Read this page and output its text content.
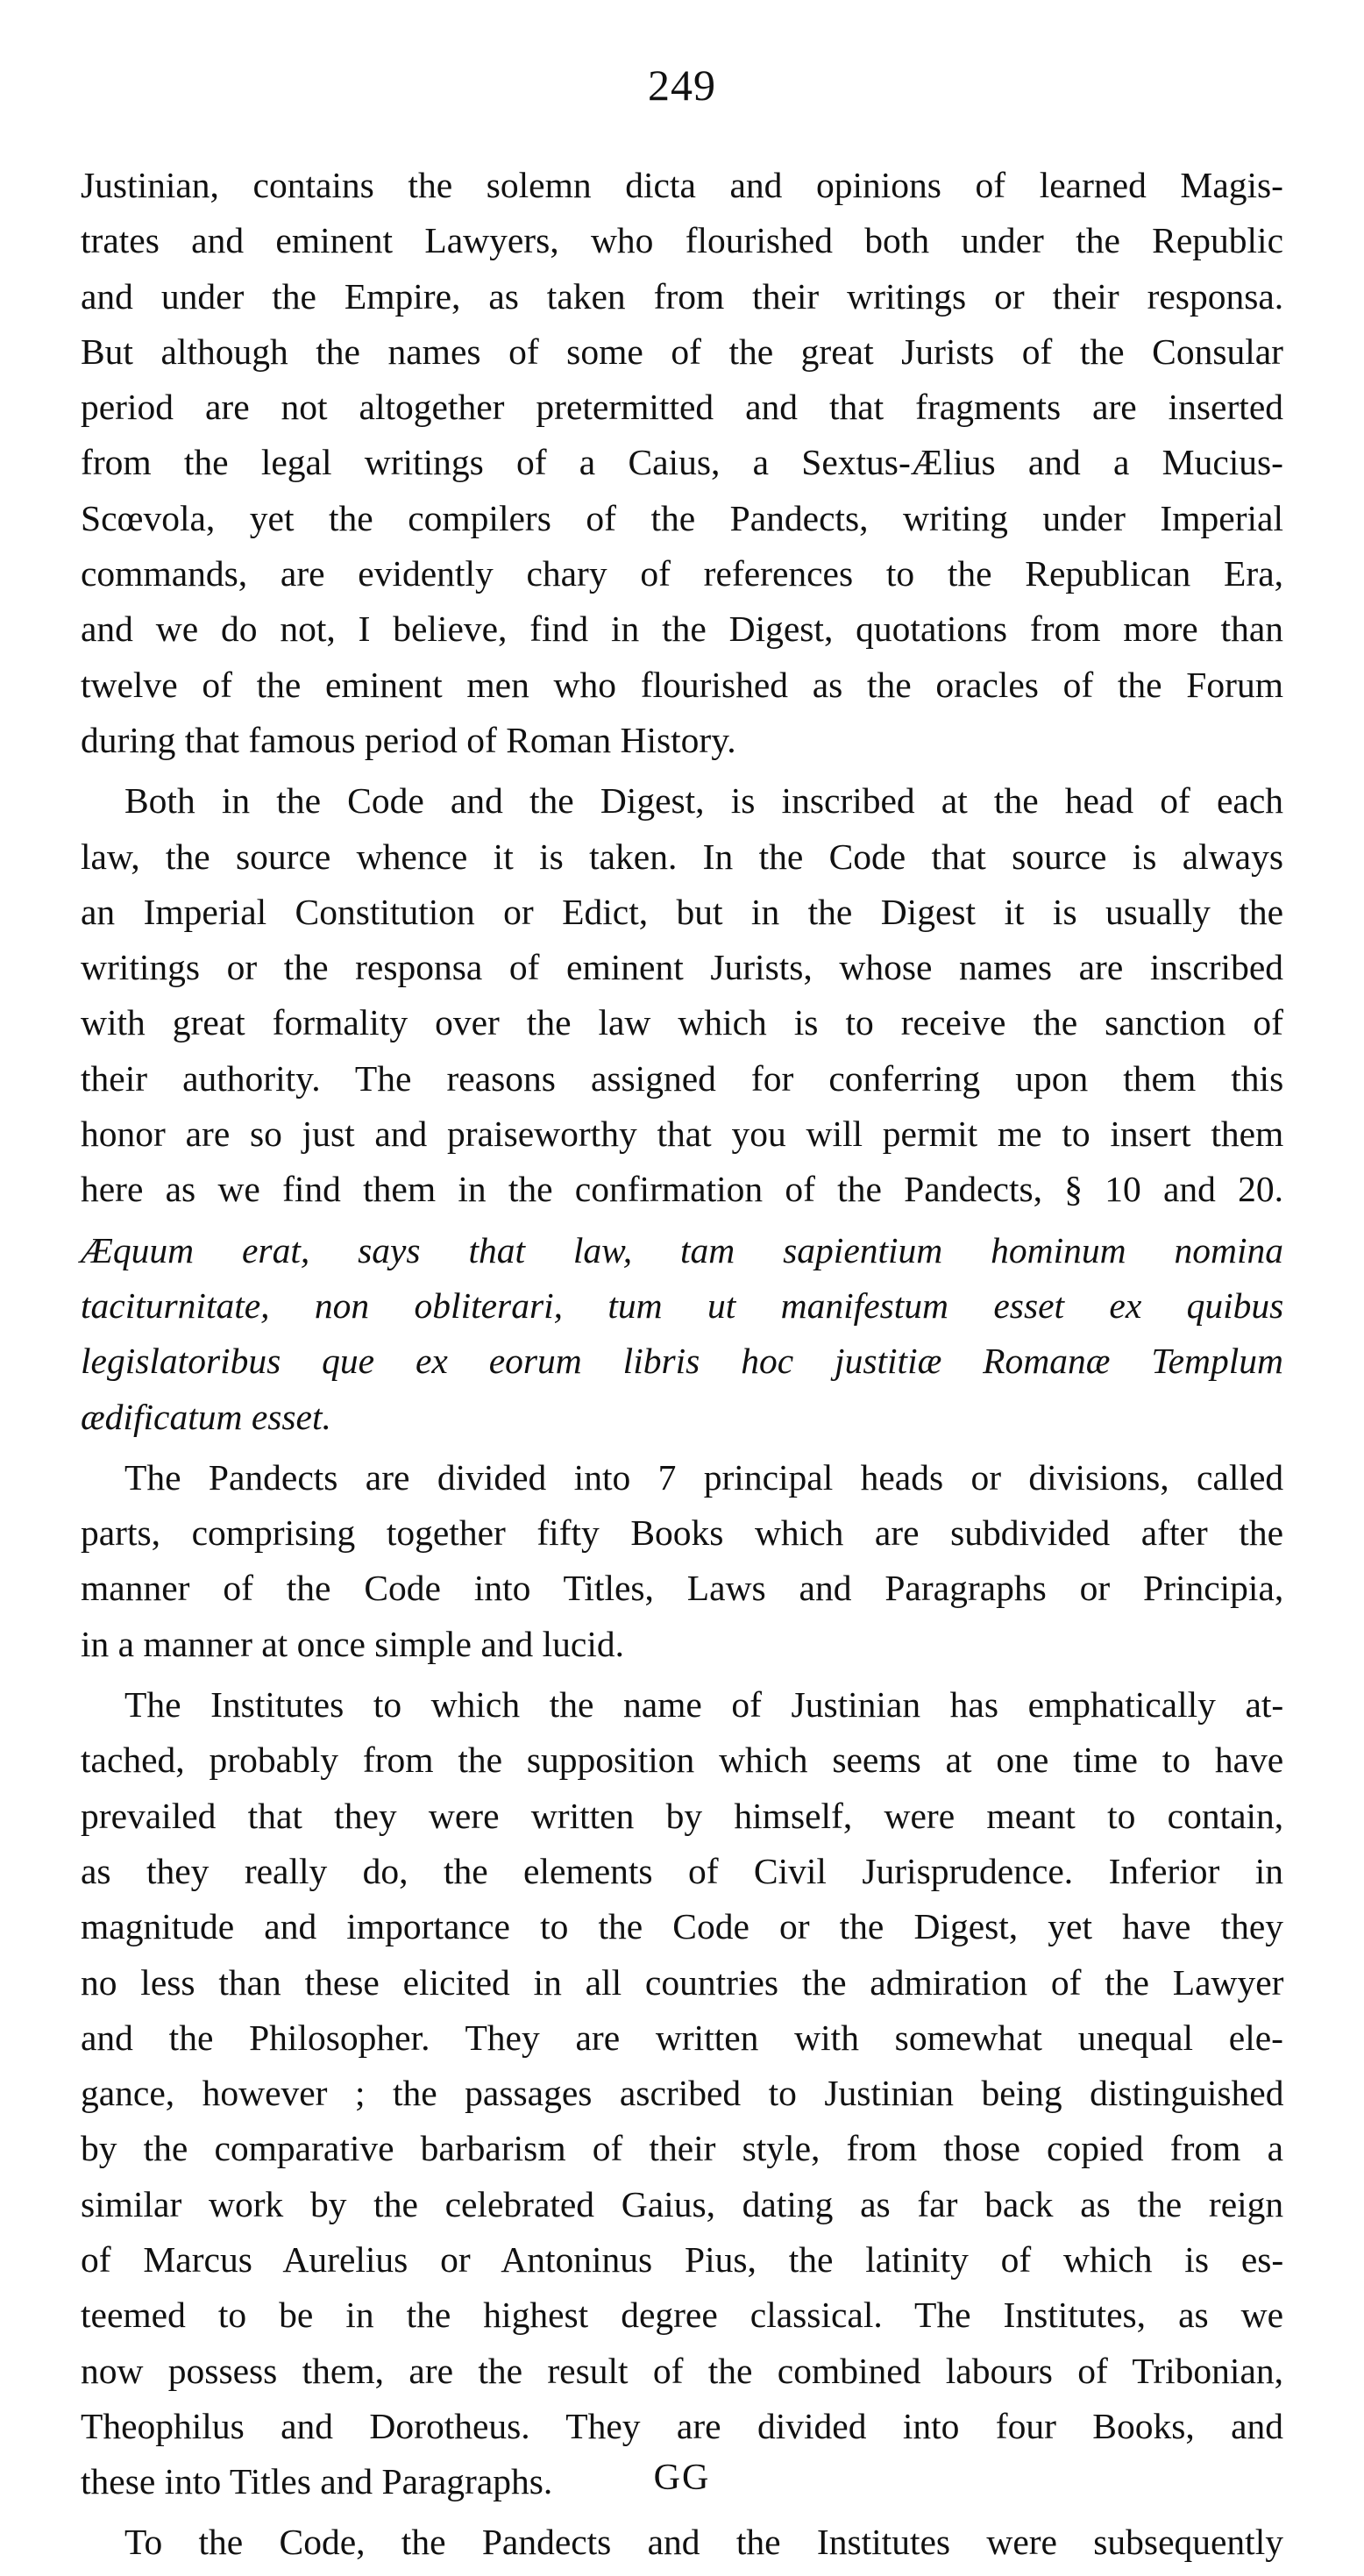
249
Justinian, contains the solemn dicta and opinions of learned Magis-
trates and eminent Lawyers, who flourished both under the Republic
and under the Empire, as taken from their writings or their responsa.
But although the names of some of the great Jurists of the Consular
period are not altogether pretermitted and that fragments are inserted
from the legal writings of a Caius, a Sextus-Ælius and a Mucius-
Scœvola, yet the compilers of the Pandects, writing under Imperial
commands, are evidently chary of references to the Republican Era,
and we do not, I believe, find in the Digest, quotations from more than
twelve of the eminent men who flourished as the oracles of the Forum
during that famous period of Roman History.
Both in the Code and the Digest, is inscribed at the head of each
law, the source whence it is taken. In the Code that source is always
an Imperial Constitution or Edict, but in the Digest it is usually the
writings or the responsa of eminent Jurists, whose names are inscribed
with great formality over the law which is to receive the sanction of
their authority. The reasons assigned for conferring upon them this
honor are so just and praiseworthy that you will permit me to insert them
here as we find them in the confirmation of the Pandects, § 10 and 20.
Æquum erat, says that law, tam sapientium hominum nomina
taciturnitate, non obliterari, tum ut manifestum esset ex quibus
legislatoribus que ex eorum libris hoc justitiæ Romanæ Templum
ædificatum esset.
The Pandects are divided into 7 principal heads or divisions, called
parts, comprising together fifty Books which are subdivided after the
manner of the Code into Titles, Laws and Paragraphs or Principia,
in a manner at once simple and lucid.
The Institutes to which the name of Justinian has emphatically at-
tached, probably from the supposition which seems at one time to have
prevailed that they were written by himself, were meant to contain,
as they really do, the elements of Civil Jurisprudence. Inferior in
magnitude and importance to the Code or the Digest, yet have they
no less than these elicited in all countries the admiration of the Lawyer
and the Philosopher. They are written with somewhat unequal ele-
gance, however ; the passages ascribed to Justinian being distinguished
by the comparative barbarism of their style, from those copied from a
similar work by the celebrated Gaius, dating as far back as the reign
of Marcus Aurelius or Antoninus Pius, the latinity of which is es-
teemed to be in the highest degree classical. The Institutes, as we
now possess them, are the result of the combined labours of Tribonian,
Theophilus and Dorotheus. They are divided into four Books, and
these into Titles and Paragraphs.
To the Code, the Pandects and the Institutes were subsequently
GG
